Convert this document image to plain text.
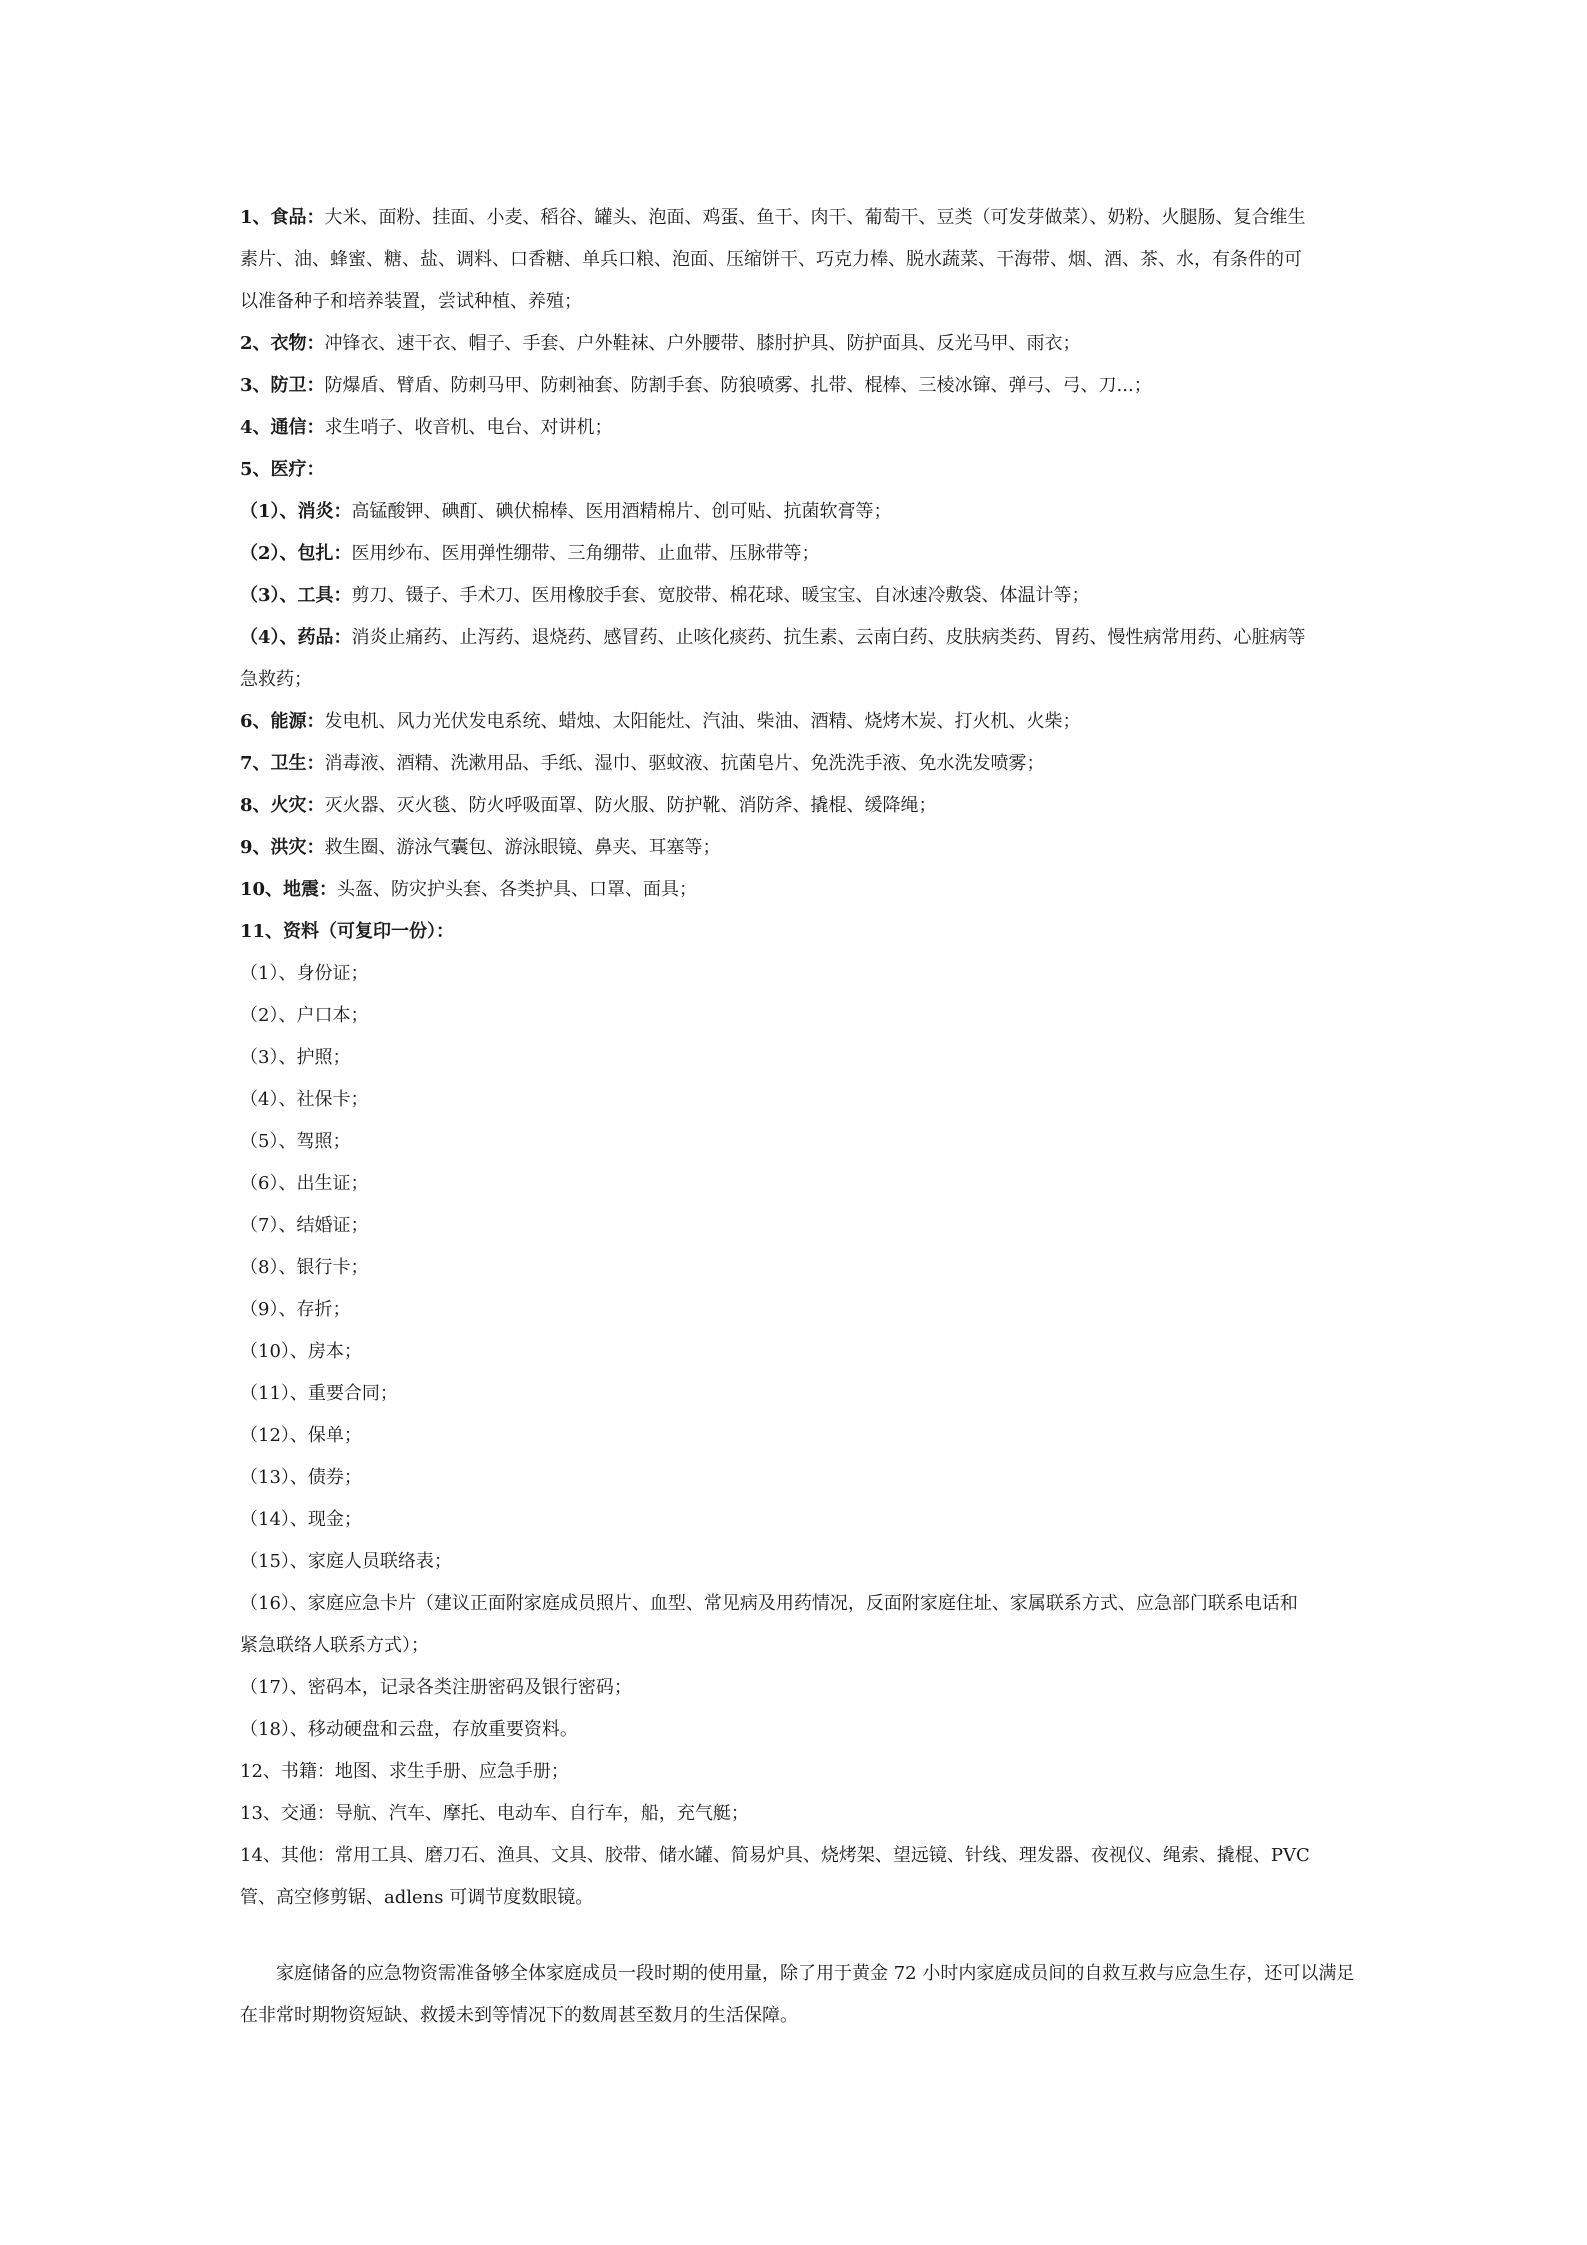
1、食品：大米、面粉、挂面、小麦、稻谷、罐头、泡面、鸡蛋、鱼干、肉干、葡萄干、豆类（可发芽做菜）、奶粉、火腿肠、复合维生
素片、油、蜂蜜、糖、盐、调料、口香糖、单兵口粮、泡面、压缩饼干、巧克力棒、脱水蔬菜、干海带、烟、酒、茶、水，有条件的可
以准备种子和培养装置，尝试种植、养殖；
2、衣物：冲锋衣、速干衣、帽子、手套、户外鞋袜、户外腰带、膝肘护具、防护面具、反光马甲、雨衣；
3、防卫：防爆盾、臂盾、防刺马甲、防刺袖套、防割手套、防狼喷雾、扎带、棍棒、三棱冰镩、弹弓、弓、刀...；
4、通信：求生哨子、收音机、电台、对讲机；
5、医疗：
（1）、消炎：高锰酸钾、碘酊、碘伏棉棒、医用酒精棉片、创可贴、抗菌软膏等；
（2）、包扎：医用纱布、医用弹性绷带、三角绷带、止血带、压脉带等；
（3）、工具：剪刀、镊子、手术刀、医用橡胶手套、宽胶带、棉花球、暖宝宝、自冰速冷敷袋、体温计等；
（4）、药品：消炎止痛药、止泻药、退烧药、感冒药、止咳化痰药、抗生素、云南白药、皮肤病类药、胃药、慢性病常用药、心脏病等
急救药；
6、能源：发电机、风力光伏发电系统、蜡烛、太阳能灶、汽油、柴油、酒精、烧烤木炭、打火机、火柴；
7、卫生：消毒液、酒精、洗漱用品、手纸、湿巾、驱蚊液、抗菌皂片、免洗洗手液、免水洗发喷雾；
8、火灾：灭火器、灭火毯、防火呼吸面罩、防火服、防护靴、消防斧、撬棍、缓降绳；
9、洪灾：救生圈、游泳气囊包、游泳眼镜、鼻夹、耳塞等；
10、地震：头盔、防灾护头套、各类护具、口罩、面具；
11、资料（可复印一份）：
（1）、身份证；
（2）、户口本；
（3）、护照；
（4）、社保卡；
（5）、驾照；
（6）、出生证；
（7）、结婚证；
（8）、银行卡；
（9）、存折；
（10）、房本；
（11）、重要合同；
（12）、保单；
（13）、债券；
（14）、现金；
（15）、家庭人员联络表；
（16）、家庭应急卡片（建议正面附家庭成员照片、血型、常见病及用药情况，反面附家庭住址、家属联系方式、应急部门联系电话和
紧急联络人联系方式）；
（17）、密码本，记录各类注册密码及银行密码；
（18）、移动硬盘和云盘，存放重要资料。
12、书籍：地图、求生手册、应急手册；
13、交通：导航、汽车、摩托、电动车、自行车，船，充气艇；
14、其他：常用工具、磨刀石、渔具、文具、胶带、储水罐、简易炉具、烧烤架、望远镜、针线、理发器、夜视仪、绳索、撬棍、PVC
管、高空修剪锯、adlens 可调节度数眼镜。
家庭储备的应急物资需准备够全体家庭成员一段时期的使用量，除了用于黄金 72 小时内家庭成员间的自救互救与应急生存，还可以满足在非常时期物资短缺、救援未到等情况下的数周甚至数月的生活保障。
